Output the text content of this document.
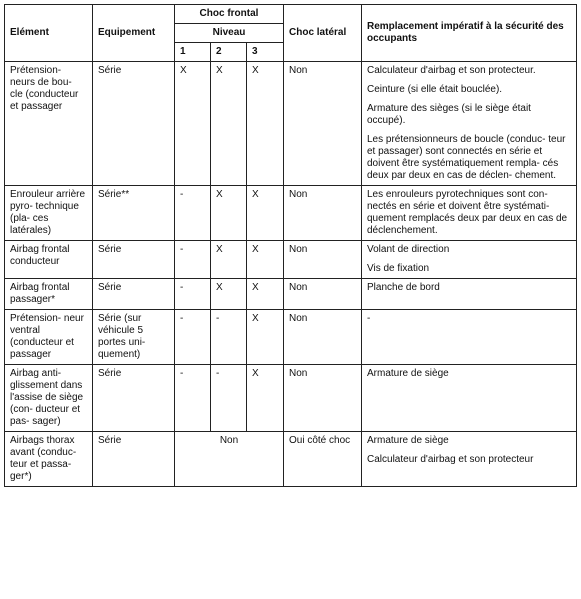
Elément	Equipement	Choc frontal			Choc latéral	Remplacement impératif à la sécurité des occupants
		Niveau				
		1	2	3		
Prétension- neurs de bou- cle (conducteur et passager	Série	X	X	X	Non	Calculateur d'airbag et son protecteur.

Ceinture (si elle était bouclée).

Armature des sièges (si le siège était occupé).

Les prétensionneurs de boucle (conduc- teur et passager) sont connectés en série et doivent être systématiquement rempla- cés deux par deux en cas de déclen- chement.

Enrouleur arrière pyro- technique (pla- ces latérales)	Série**	-	X	X	Non	Les enrouleurs pyrotechniques sont con- nectés en série et doivent être systémati- quement remplacés deux par deux en cas de déclenchement.

Airbag frontal conducteur	Série	-	X	X	Non	Volant de direction

Vis de fixation

Airbag frontal passager*	Série	-	X	X	Non	Planche de bord

Prétension- neur ventral (conducteur et passager	Série (sur véhicule 5 portes uni- quement)	-	-	X	Non	-

Airbag anti- glissement dans l'assise de siège (con- ducteur et pas- sager)	Série	-	-	X	Non	Armature de siège

Airbags thorax avant (conduc- teur et passa- ger*)	Série	Non			Oui côté choc	Armature de siège

Calculateur d'airbag et son protecteur
